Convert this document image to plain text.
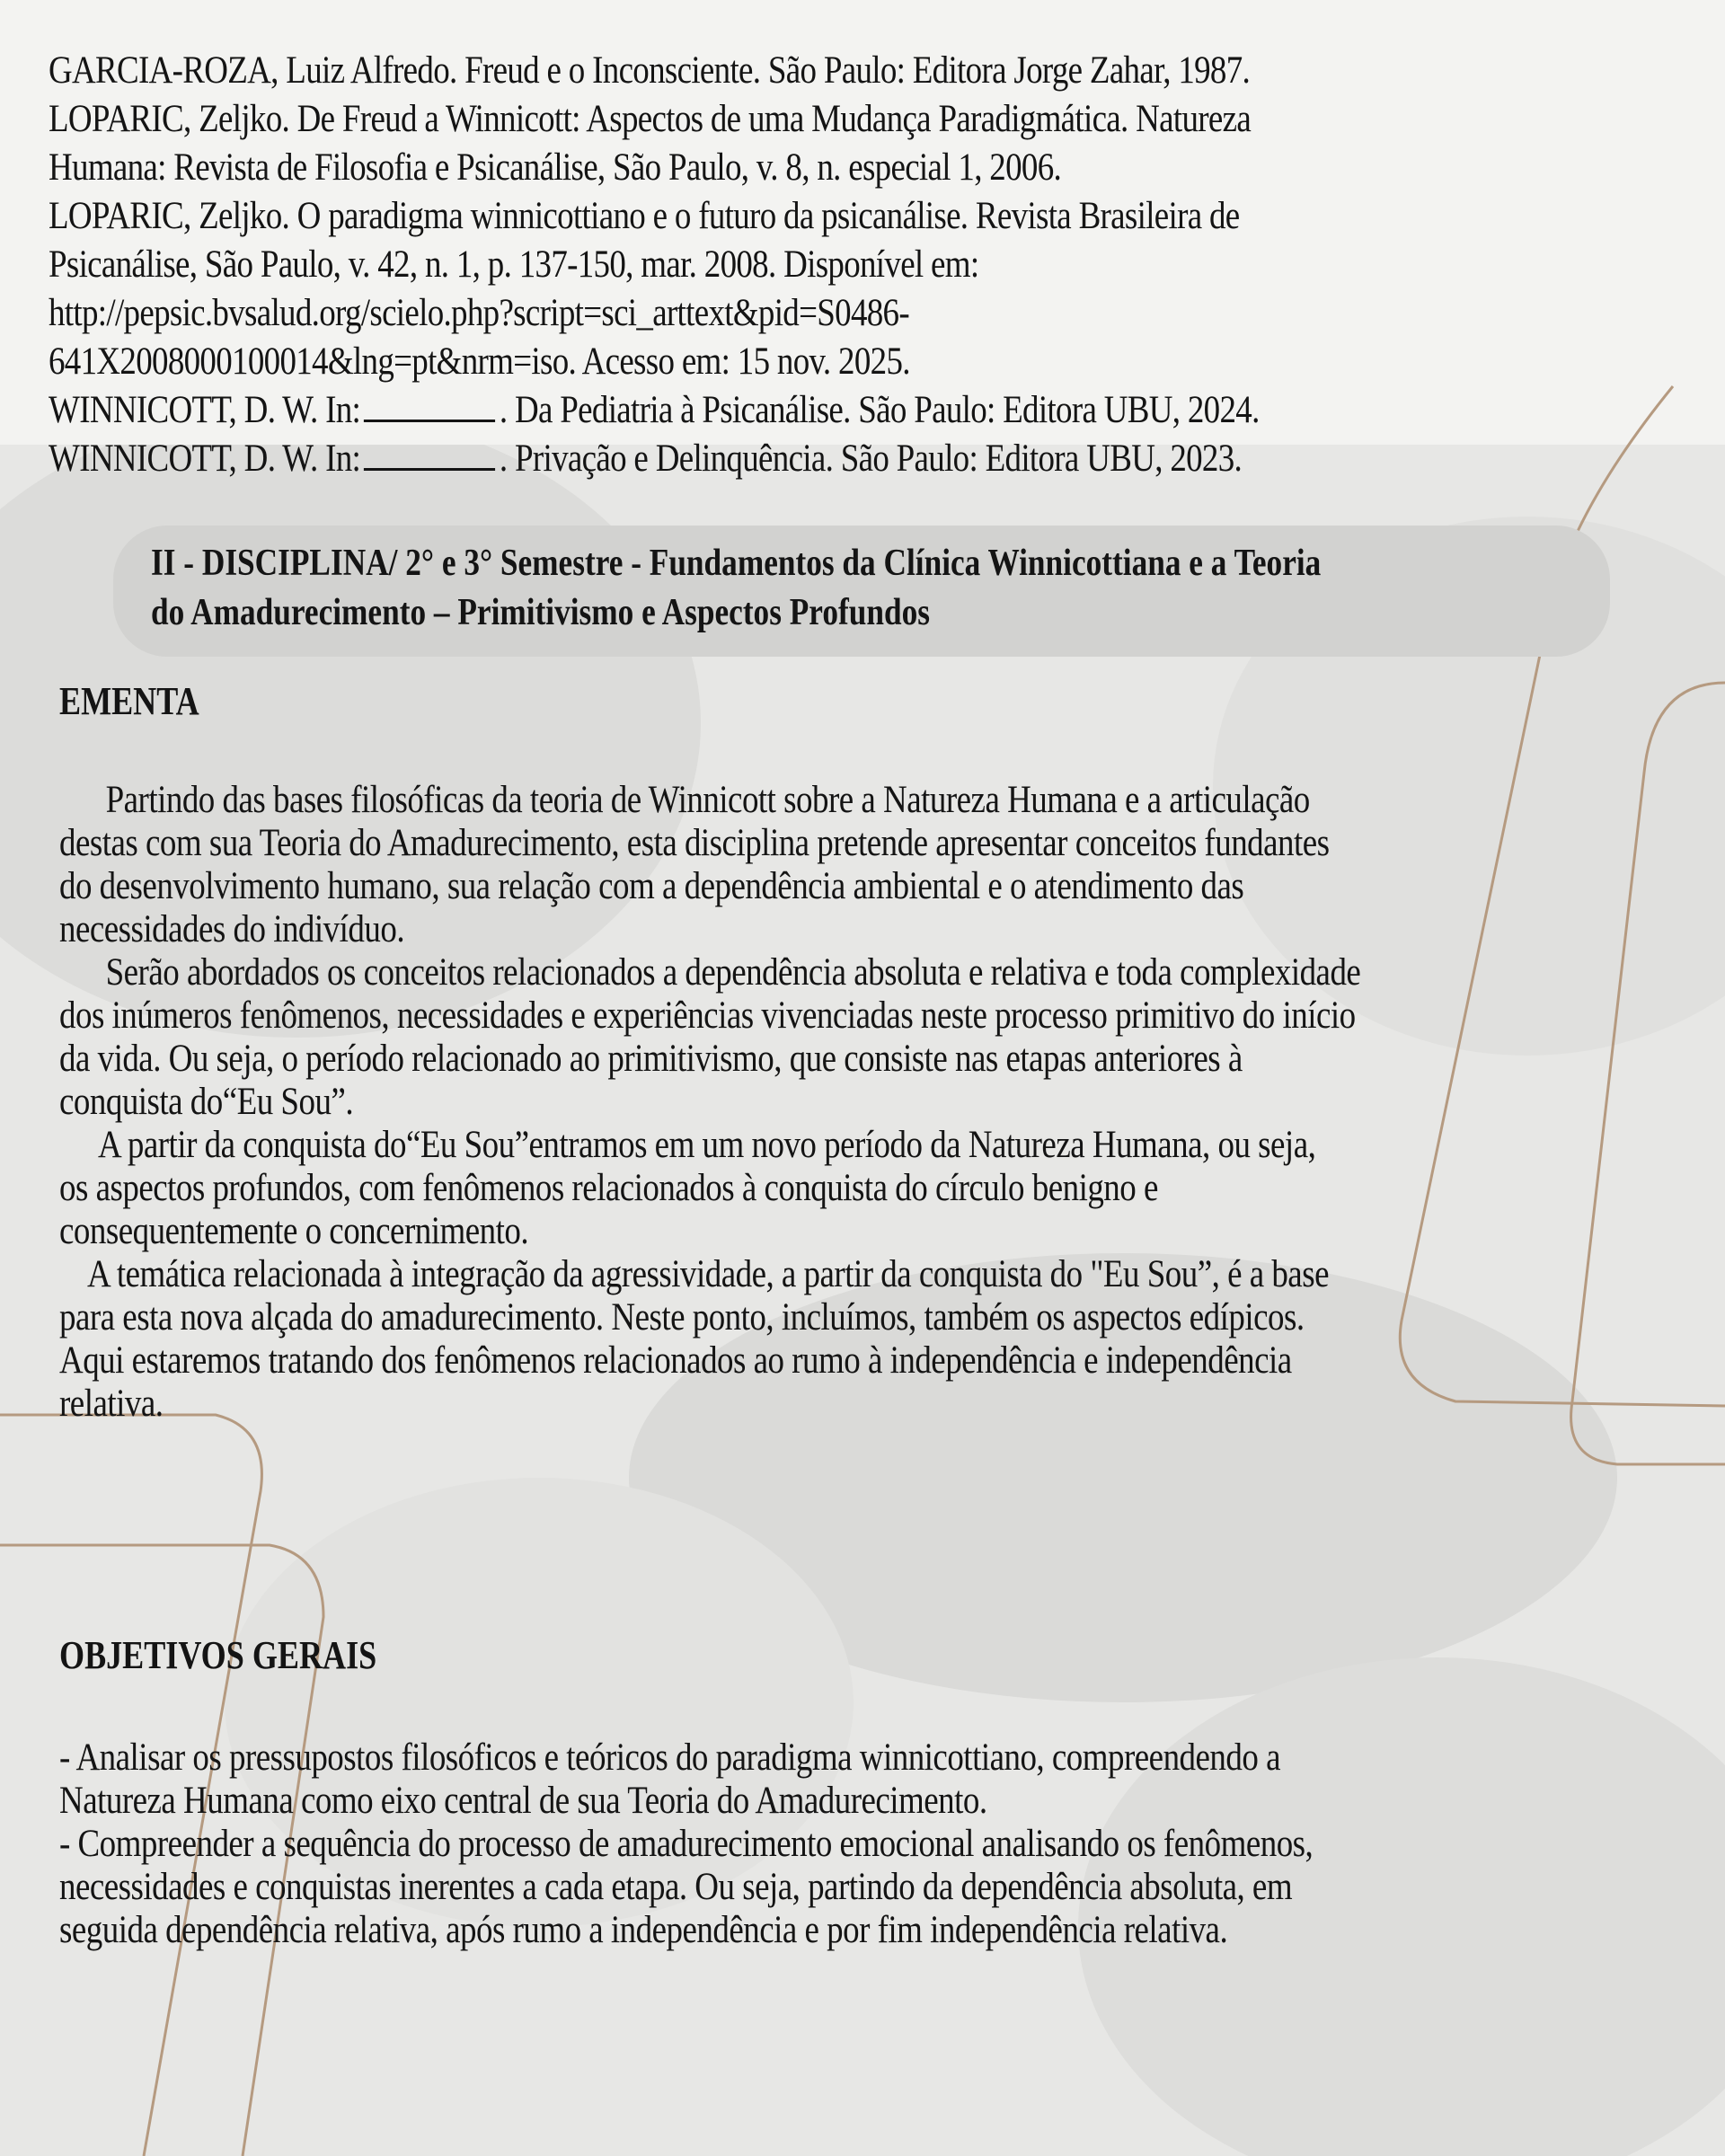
GARCIA-ROZA, Luiz Alfredo. Freud e o Inconsciente. São Paulo: Editora Jorge Zahar, 1987.
LOPARIC, Zeljko. De Freud a Winnicott: Aspectos de uma Mudança Paradigmática. Natureza
Humana: Revista de Filosofia e Psicanálise, São Paulo, v. 8, n. especial 1, 2006.
LOPARIC, Zeljko. O paradigma winnicottiano e o futuro da psicanálise. Revista Brasileira de
Psicanálise, São Paulo, v. 42, n. 1, p. 137-150, mar. 2008. Disponível em:
http://pepsic.bvsalud.org/scielo.php?script=sci_arttext&pid=S0486-
641X2008000100014&lng=pt&nrm=iso. Acesso em: 15 nov. 2025.
WINNICOTT, D. W. In:	. Da Pediatria à Psicanálise. São Paulo: Editora UBU, 2024.
WINNICOTT, D. W. In:	. Privação e Delinquência. São Paulo: Editora UBU, 2023.
II - DISCIPLINA/ 2° e 3° Semestre - Fundamentos da Clínica Winnicottiana e a Teoria
do Amadurecimento – Primitivismo e Aspectos Profundos
EMENTA
Partindo das bases filosóficas da teoria de Winnicott sobre a Natureza Humana e a articulação
destas com sua Teoria do Amadurecimento, esta disciplina pretende apresentar conceitos fundantes
do desenvolvimento humano, sua relação com a dependência ambiental e o atendimento das
necessidades do indivíduo.
Serão abordados os conceitos relacionados a dependência absoluta e relativa e toda complexidade
dos inúmeros fenômenos, necessidades e experiências vivenciadas neste processo primitivo do início
da vida. Ou seja, o período relacionado ao primitivismo, que consiste nas etapas anteriores à
conquista do“Eu Sou”.
A partir da conquista do“Eu Sou”entramos em um novo período da Natureza Humana, ou seja,
os aspectos profundos, com fenômenos relacionados à conquista do círculo benigno e
consequentemente o concernimento.
A temática relacionada à integração da agressividade, a partir da conquista do "Eu Sou”, é a base
para esta nova alçada do amadurecimento. Neste ponto, incluímos, também os aspectos edípicos.
Aqui estaremos tratando dos fenômenos relacionados ao rumo à independência e independência
relativa.
OBJETIVOS GERAIS
- Analisar os pressupostos filosóficos e teóricos do paradigma winnicottiano, compreendendo a
Natureza Humana como eixo central de sua Teoria do Amadurecimento.
- Compreender a sequência do processo de amadurecimento emocional analisando os fenômenos,
necessidades e conquistas inerentes a cada etapa. Ou seja, partindo da dependência absoluta, em
seguida dependência relativa, após rumo a independência e por fim independência relativa.
